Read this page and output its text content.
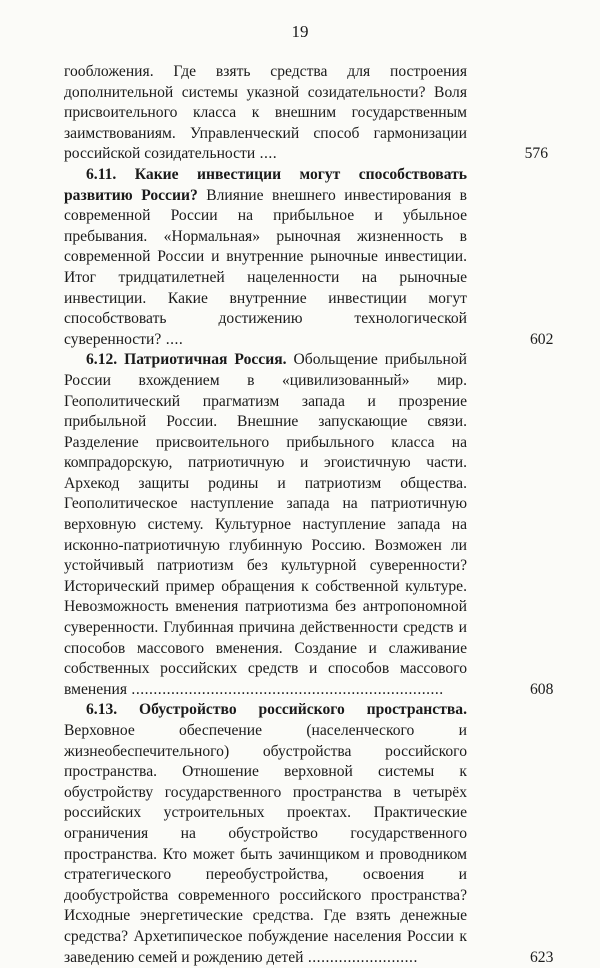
19
гообложения. Где взять средства для построения дополнительной системы указной созидательности? Воля присвоительного класса к внешним государственным заимствованиям. Управленческий способ гармонизации российской созидательности ....	576
6.11. Какие инвестиции могут способствовать развитию России? Влияние внешнего инвестирования в современной России на прибыльное и убыльное пребывания. «Нормальная» рыночная жизненность в современной России и внутренние рыночные инвестиции. Итог тридцатилетней нацеленности на рыночные инвестиции. Какие внутренние инвестиции могут способствовать достижению технологической суверенности? ....	602
6.12. Патриотичная Россия. Обольщение прибыльной России вхождением в «цивилизованный» мир. Геополитический прагматизм запада и прозрение прибыльной России. Внешние запускающие связи. Разделение присвоительного прибыльного класса на компрадорскую, патриотичную и эгоистичную части. Архекод защиты родины и патриотизм общества. Геополитическое наступление запада на патриотичную верховную систему. Культурное наступление запада на исконно-патриотичную глубинную Россию. Возможен ли устойчивый патриотизм без культурной суверенности? Исторический пример обращения к собственной культуре. Невозможность вменения патриотизма без антропономной суверенности. Глубинная причина действенности средств и способов массового вменения. Создание и слаживание собственных российских средств и способов массового вменения .......................................................................	608
6.13. Обустройство российского пространства. Верховное обеспечение (населенческого и жизнеобеспечительного) обустройства российского пространства. Отношение верховной системы к обустройству государственного пространства в четырёх российских устроительных проектах. Практические ограничения на обустройство государственного пространства. Кто может быть зачинщиком и проводником стратегического переобустройства, освоения и дообустройства современного российского пространства? Исходные энергетические средства. Где взять денежные средства? Архетипическое побуждение населения России к заведению семей и рождению детей .........................	623
